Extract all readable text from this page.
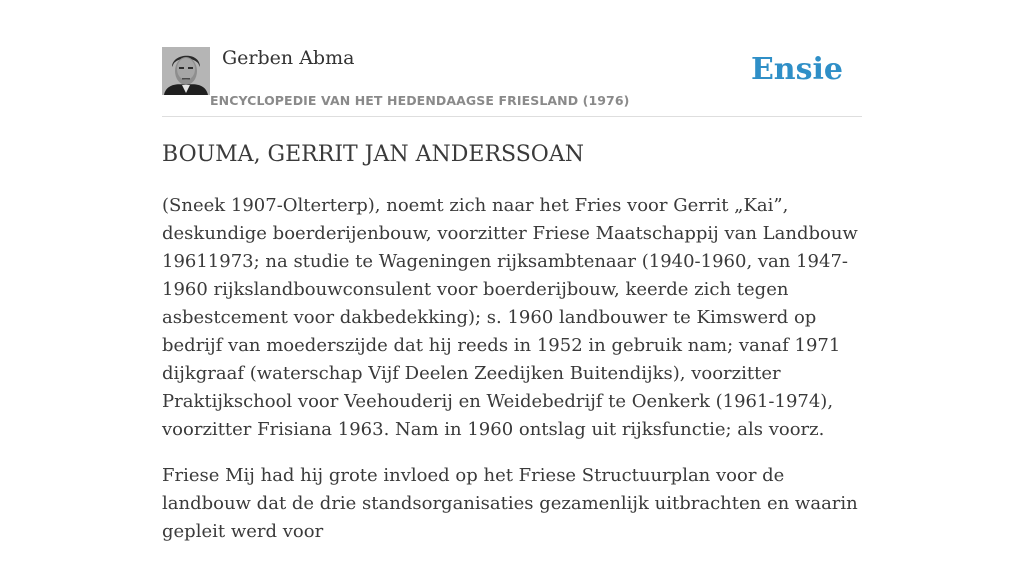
Gerben Abma
ENCYCLOPEDIE VAN HET HEDENDAAGSE FRIESLAND (1976)
Ensie
BOUMA, GERRIT JAN ANDERSSOAN

(Sneek 1907-Olterterp), noemt zich naar het Fries voor Gerrit „Kai”, deskundige boerderijenbouw, voorzitter Friese Maatschappij van Landbouw 19611973; na studie te Wageningen rijksambtenaar (1940-1960, van 1947-1960 rijkslandbouwconsulent voor boerderijbouw, keerde zich tegen asbestcement voor dakbedekking); s. 1960 landbouwer te Kimswerd op bedrijf van moederszijde dat hij reeds in 1952 in gebruik nam; vanaf 1971 dijkgraaf (waterschap Vijf Deelen Zeedijken Buitendijks), voorzitter Praktijkschool voor Veehouderij en Weidebedrijf te Oenkerk (1961-1974), voorzitter Frisiana 1963. Nam in 1960 ontslag uit rijksfunctie; als voorz.

Friese Mij had hij grote invloed op het Friese Structuurplan voor de landbouw dat de drie standsorganisaties gezamenlijk uitbrachten en waarin gepleit werd voor
